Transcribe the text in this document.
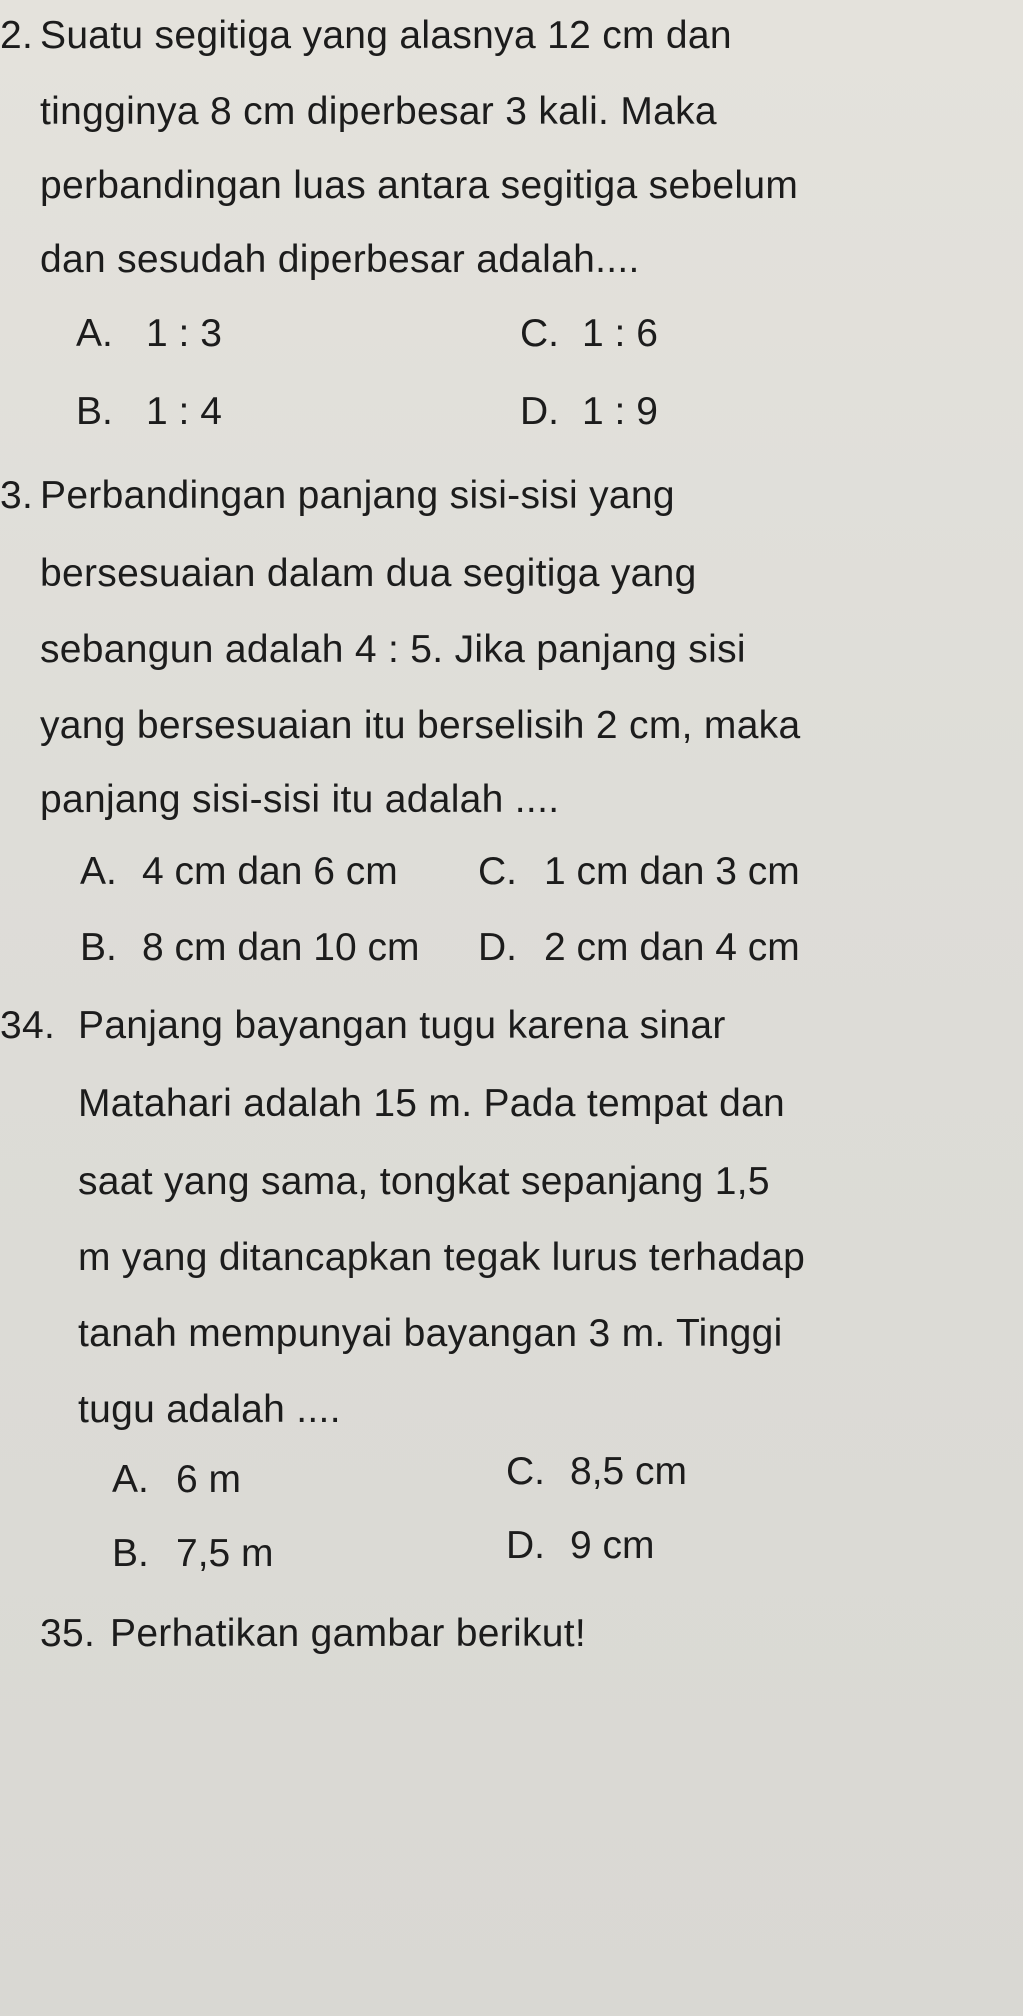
2. Suatu segitiga yang alasnya 12 cm dan
tingginya 8 cm diperbesar 3 kali. Maka
perbandingan luas antara segitiga sebelum
dan sesudah diperbesar adalah....
A. 1 : 3
B. 1 : 4
C. 1 : 6
D. 1 : 9
3. Perbandingan panjang sisi-sisi yang
bersesuaian dalam dua segitiga yang
sebangun adalah 4 : 5. Jika panjang sisi
yang bersesuaian itu berselisih 2 cm, maka
panjang sisi-sisi itu adalah ....
A. 4 cm dan 6 cm
B. 8 cm dan 10 cm
C. 1 cm dan 3 cm
D. 2 cm dan 4 cm
34. Panjang bayangan tugu karena sinar
Matahari adalah 15 m. Pada tempat dan
saat yang sama, tongkat sepanjang 1,5
m yang ditancapkan tegak lurus terhadap
tanah mempunyai bayangan 3 m. Tinggi
tugu adalah ....
A. 6 m
B. 7,5 m
C. 8,5 cm
D. 9 cm
35. Perhatikan gambar berikut!
